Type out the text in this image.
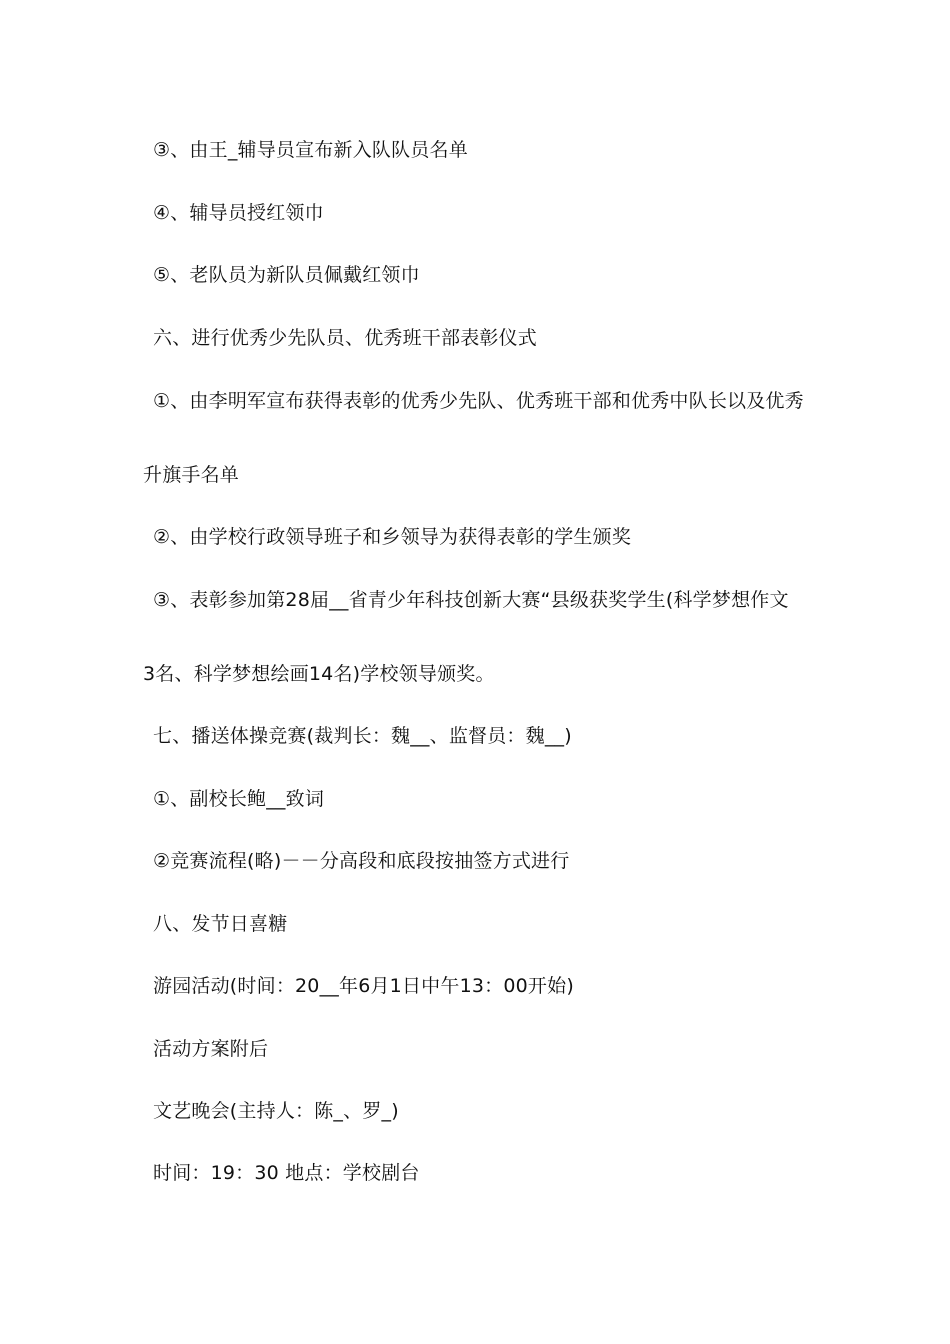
③、由王_辅导员宣布新入队队员名单
④、辅导员授红领巾
⑤、老队员为新队员佩戴红领巾
六、进行优秀少先队员、优秀班干部表彰仪式
①、由李明军宣布获得表彰的优秀少先队、优秀班干部和优秀中队长以及优秀
升旗手名单
②、由学校行政领导班子和乡领导为获得表彰的学生颁奖
③、表彰参加第28届__省青少年科技创新大赛“县级获奖学生(科学梦想作文
3名、科学梦想绘画14名)学校领导颁奖。
七、播送体操竞赛(裁判长：魏__、监督员：魏__)
①、副校长鲍__致词
②竞赛流程(略)－－分高段和底段按抽签方式进行
八、发节日喜糖
游园活动(时间：20__年6月1日中午13：00开始)
活动方案附后
文艺晚会(主持人：陈_、罗_)
时间：19：30 地点：学校剧台
